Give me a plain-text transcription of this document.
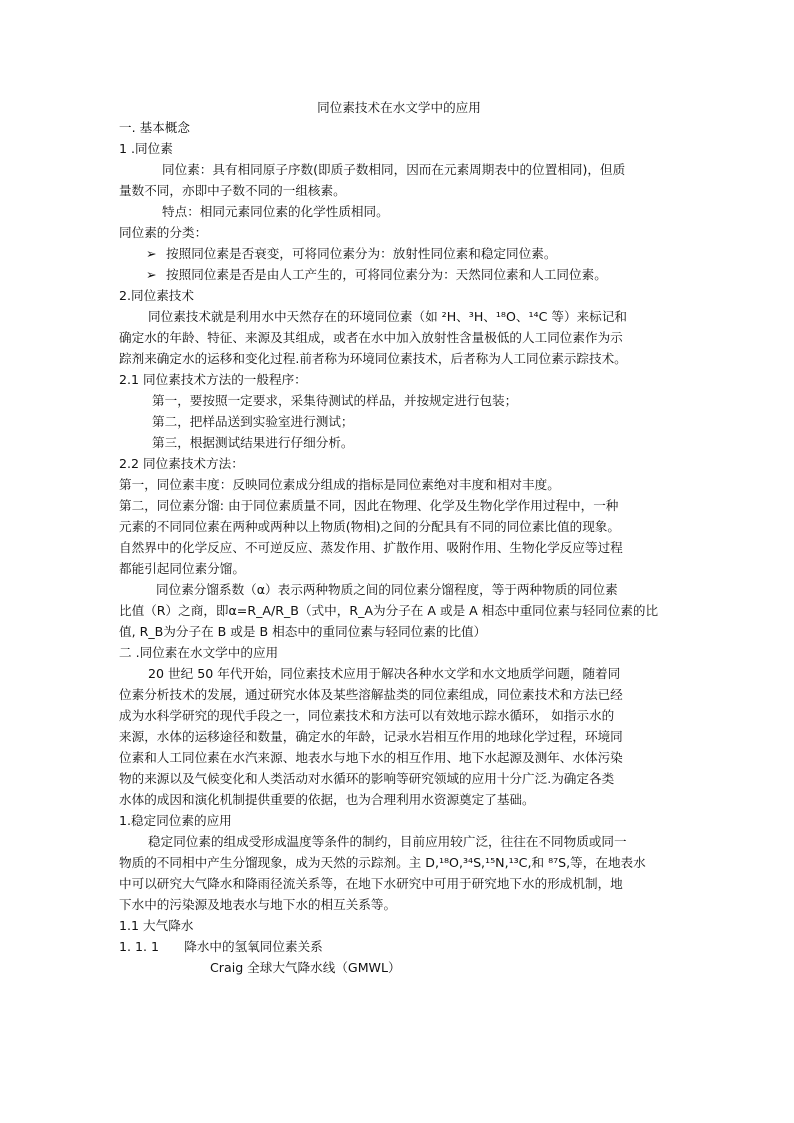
同位素技术在水文学中的应用
一. 基本概念
1 .同位素
同位素：具有相同原子序数(即质子数相同，因而在元素周期表中的位置相同)，但质
量数不同，亦即中子数不同的一组核素。
特点：相同元素同位素的化学性质相同。
同位素的分类：
➢ 按照同位素是否衰变，可将同位素分为：放射性同位素和稳定同位素。
➢ 按照同位素是否是由人工产生的，可将同位素分为：天然同位素和人工同位素。
2.同位素技术
同位素技术就是利用水中天然存在的环境同位素（如 ²H、³H、¹⁸O、¹⁴C 等）来标记和
确定水的年龄、特征、来源及其组成，或者在水中加入放射性含量极低的人工同位素作为示
踪剂来确定水的运移和变化过程.前者称为环境同位素技术，后者称为人工同位素示踪技术。
2.1 同位素技术方法的一般程序：
第一，要按照一定要求，采集待测试的样品，并按规定进行包装；
第二，把样品送到实验室进行测试；
第三，根据测试结果进行仔细分析。
2.2 同位素技术方法：
第一，同位素丰度：反映同位素成分组成的指标是同位素绝对丰度和相对丰度。
第二，同位素分馏: 由于同位素质量不同，因此在物理、化学及生物化学作用过程中，一种
元素的不同同位素在两种或两种以上物质(物相)之间的分配具有不同的同位素比值的现象。
自然界中的化学反应、不可逆反应、蒸发作用、扩散作用、吸附作用、生物化学反应等过程
都能引起同位素分馏。
同位素分馏系数（α）表示两种物质之间的同位素分馏程度，等于两种物质的同位素
比值（R）之商，即α=R_A/R_B（式中，R_A为分子在 A 或是 A 相态中重同位素与轻同位素的比
值, R_B为分子在 B 或是 B 相态中的重同位素与轻同位素的比值）
二 .同位素在水文学中的应用
20 世纪 50 年代开始，同位素技术应用于解决各种水文学和水文地质学问题，随着同
位素分析技术的发展，通过研究水体及某些溶解盐类的同位素组成，同位素技术和方法已经
成为水科学研究的现代手段之一，同位素技术和方法可以有效地示踪水循环， 如指示水的
来源，水体的运移途径和数量，确定水的年龄，记录水岩相互作用的地球化学过程，环境同
位素和人工同位素在水汽来源、地表水与地下水的相互作用、地下水起源及测年、水体污染
物的来源以及气候变化和人类活动对水循环的影响等研究领域的应用十分广泛.为确定各类
水体的成因和演化机制提供重要的依据，也为合理利用水资源奠定了基础。
1.稳定同位素的应用
稳定同位素的组成受形成温度等条件的制约，目前应用较广泛，往往在不同物质或同一
物质的不同相中产生分馏现象，成为天然的示踪剂。主 D,¹⁸O,³⁴S,¹⁵N,¹³C,和 ⁸⁷S,等，在地表水
中可以研究大气降水和降雨径流关系等，在地下水研究中可用于研究地下水的形成机制，地
下水中的污染源及地表水与地下水的相互关系等。
1.1 大气降水
1. 1. 1　　降水中的氢氧同位素关系
Craig 全球大气降水线（GMWL）
